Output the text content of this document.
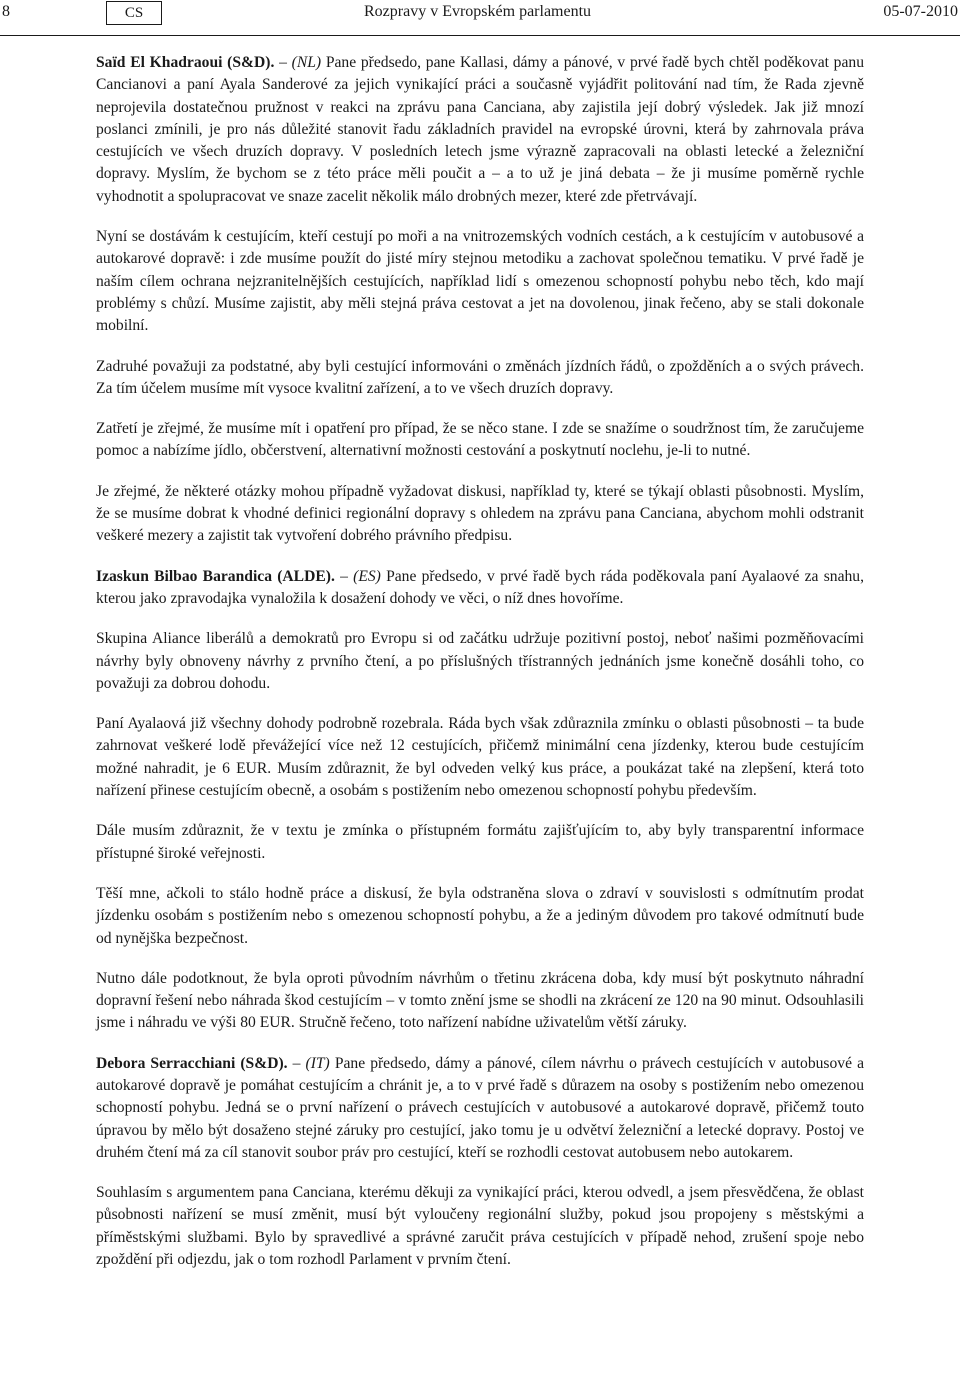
8	CS	Rozpravy v Evropském parlamentu	05-07-2010

Saïd El Khadraoui (S&D). – (NL) Pane předsedo, pane Kallasi, dámy a pánové, v prvé řadě bych chtěl poděkovat panu Cancianovi a paní Ayala Sanderové za jejich vynikající práci a současně vyjádřit politování nad tím, že Rada zjevně neprojevila dostatečnou pružnost v reakci na zprávu pana Canciana, aby zajistila její dobrý výsledek. Jak již mnozí poslanci zmínili, je pro nás důležité stanovit řadu základních pravidel na evropské úrovni, která by zahrnovala práva cestujících ve všech druzích dopravy. V posledních letech jsme výrazně zapracovali na oblasti letecké a železniční dopravy. Myslím, že bychom se z této práce měli poučit a – a to už je jiná debata – že ji musíme poměrně rychle vyhodnotit a spolupracovat ve snaze zacelit několik málo drobných mezer, které zde přetrvávají.

Nyní se dostávám k cestujícím, kteří cestují po moři a na vnitrozemských vodních cestách, a k cestujícím v autobusové a autokarové dopravě: i zde musíme použít do jisté míry stejnou metodiku a zachovat společnou tematiku. V prvé řadě je naším cílem ochrana nejzranitelnějších cestujících, například lidí s omezenou schopností pohybu nebo těch, kdo mají problémy s chůzí. Musíme zajistit, aby měli stejná práva cestovat a jet na dovolenou, jinak řečeno, aby se stali dokonale mobilní.

Zadruhé považuji za podstatné, aby byli cestující informováni o změnách jízdních řádů, o zpožděních a o svých právech. Za tím účelem musíme mít vysoce kvalitní zařízení, a to ve všech druzích dopravy.

Zatřetí je zřejmé, že musíme mít i opatření pro případ, že se něco stane. I zde se snažíme o soudržnost tím, že zaručujeme pomoc a nabízíme jídlo, občerstvení, alternativní možnosti cestování a poskytnutí noclehu, je-li to nutné.

Je zřejmé, že některé otázky mohou případně vyžadovat diskusi, například ty, které se týkají oblasti působnosti. Myslím, že se musíme dobrat k vhodné definici regionální dopravy s ohledem na zprávu pana Canciana, abychom mohli odstranit veškeré mezery a zajistit tak vytvoření dobrého právního předpisu.

Izaskun Bilbao Barandica (ALDE). – (ES) Pane předsedo, v prvé řadě bych ráda poděkovala paní Ayalaové za snahu, kterou jako zpravodajka vynaložila k dosažení dohody ve věci, o níž dnes hovoříme.

Skupina Aliance liberálů a demokratů pro Evropu si od začátku udržuje pozitivní postoj, neboť našimi pozměňovacími návrhy byly obnoveny návrhy z prvního čtení, a po příslušných třístranných jednáních jsme konečně dosáhli toho, co považuji za dobrou dohodu.

Paní Ayalaová již všechny dohody podrobně rozebrala. Ráda bych však zdůraznila zmínku o oblasti působnosti – ta bude zahrnovat veškeré lodě převážející více než 12 cestujících, přičemž minimální cena jízdenky, kterou bude cestujícím možné nahradit, je 6 EUR. Musím zdůraznit, že byl odveden velký kus práce, a poukázat také na zlepšení, která toto nařízení přinese cestujícím obecně, a osobám s postižením nebo omezenou schopností pohybu především.

Dále musím zdůraznit, že v textu je zmínka o přístupném formátu zajišťujícím to, aby byly transparentní informace přístupné široké veřejnosti.

Těší mne, ačkoli to stálo hodně práce a diskusí, že byla odstraněna slova o zdraví v souvislosti s odmítnutím prodat jízdenku osobám s postižením nebo s omezenou schopností pohybu, a že a jediným důvodem pro takové odmítnutí bude od nynějška bezpečnost.

Nutno dále podotknout, že byla oproti původním návrhům o třetinu zkrácena doba, kdy musí být poskytnuto náhradní dopravní řešení nebo náhrada škod cestujícím – v tomto znění jsme se shodli na zkrácení ze 120 na 90 minut. Odsouhlasili jsme i náhradu ve výši 80 EUR. Stručně řečeno, toto nařízení nabídne uživatelům větší záruky.

Debora Serracchiani (S&D). – (IT) Pane předsedo, dámy a pánové, cílem návrhu o právech cestujících v autobusové a autokarové dopravě je pomáhat cestujícím a chránit je, a to v prvé řadě s důrazem na osoby s postižením nebo omezenou schopností pohybu. Jedná se o první nařízení o právech cestujících v autobusové a autokarové dopravě, přičemž touto úpravou by mělo být dosaženo stejné záruky pro cestující, jako tomu je u odvětví železniční a letecké dopravy. Postoj ve druhém čtení má za cíl stanovit soubor práv pro cestující, kteří se rozhodli cestovat autobusem nebo autokarem.

Souhlasím s argumentem pana Canciana, kterému děkuji za vynikající práci, kterou odvedl, a jsem přesvědčena, že oblast působnosti nařízení se musí změnit, musí být vyloučeny regionální služby, pokud jsou propojeny s městskými a příměstskými službami. Bylo by spravedlivé a správné zaručit práva cestujících v případě nehod, zrušení spoje nebo zpoždění při odjezdu, jak o tom rozhodl Parlament v prvním čtení.
